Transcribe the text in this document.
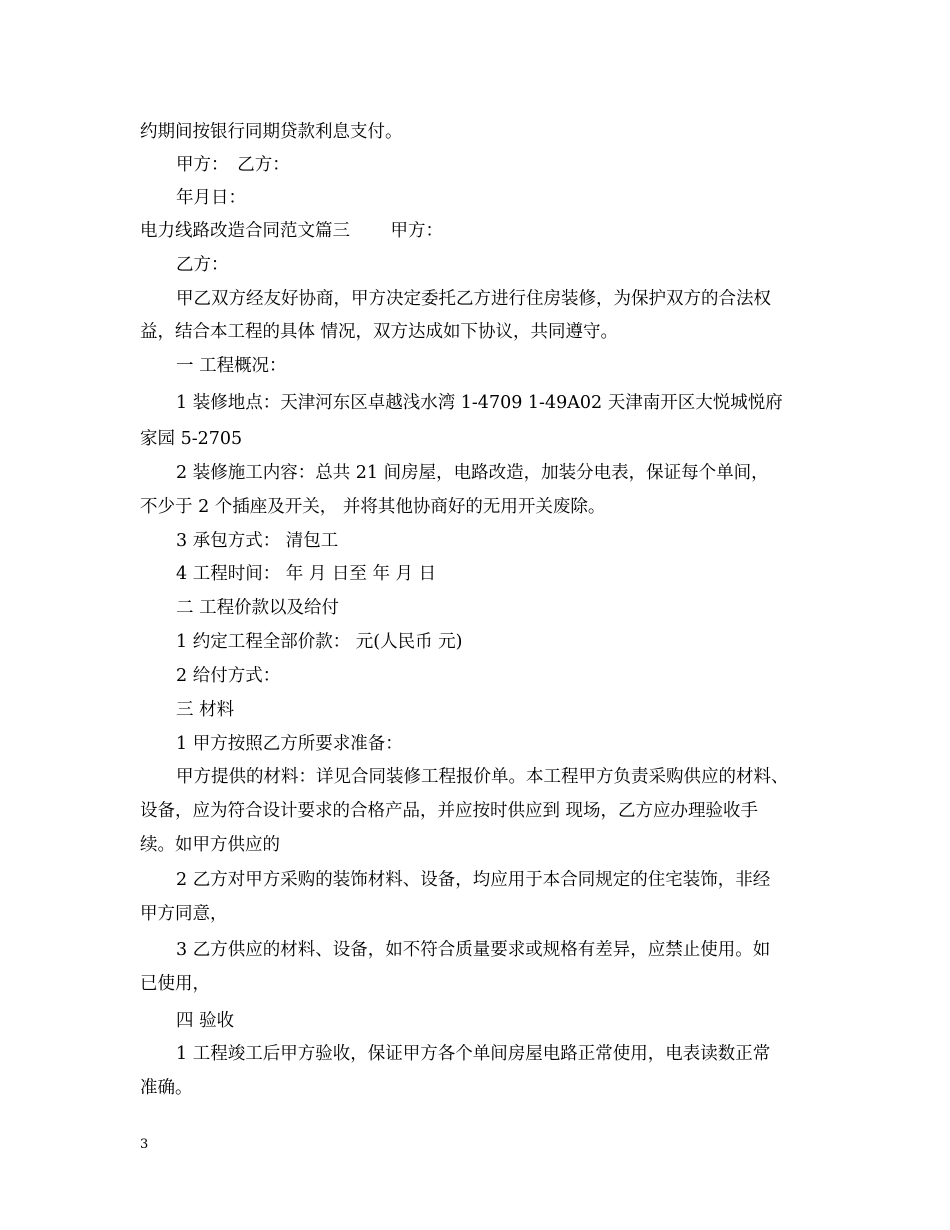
约期间按银行同期贷款利息支付。
甲方：　乙方：
年月日：
电力线路改造合同范文篇三　　 甲方：
乙方：
甲乙双方经友好协商，甲方决定委托乙方进行住房装修，为保护双方的合法权
益，结合本工程的具体 情况，双方达成如下协议，共同遵守。
一 工程概况：
1 装修地点：天津河东区卓越浅水湾 1-4709 1-49A02 天津南开区大悦城悦府
家园 5-2705
2 装修施工内容：总共 21 间房屋，电路改造，加装分电表，保证每个单间，
不少于 2 个插座及开关， 并将其他协商好的无用开关废除。
3 承包方式： 清包工
4 工程时间： 年 月 日至 年 月 日
二 工程价款以及给付
1 约定工程全部价款： 元(人民币 元)
2 给付方式：
三 材料
1 甲方按照乙方所要求准备：
甲方提供的材料：详见合同装修工程报价单。本工程甲方负责采购供应的材料、
设备，应为符合设计要求的合格产品，并应按时供应到 现场，乙方应办理验收手
续。如甲方供应的
2 乙方对甲方采购的装饰材料、设备，均应用于本合同规定的住宅装饰，非经
甲方同意，
3 乙方供应的材料、设备，如不符合质量要求或规格有差异，应禁止使用。如
已使用，
四 验收
1 工程竣工后甲方验收，保证甲方各个单间房屋电路正常使用，电表读数正常
准确。
3
